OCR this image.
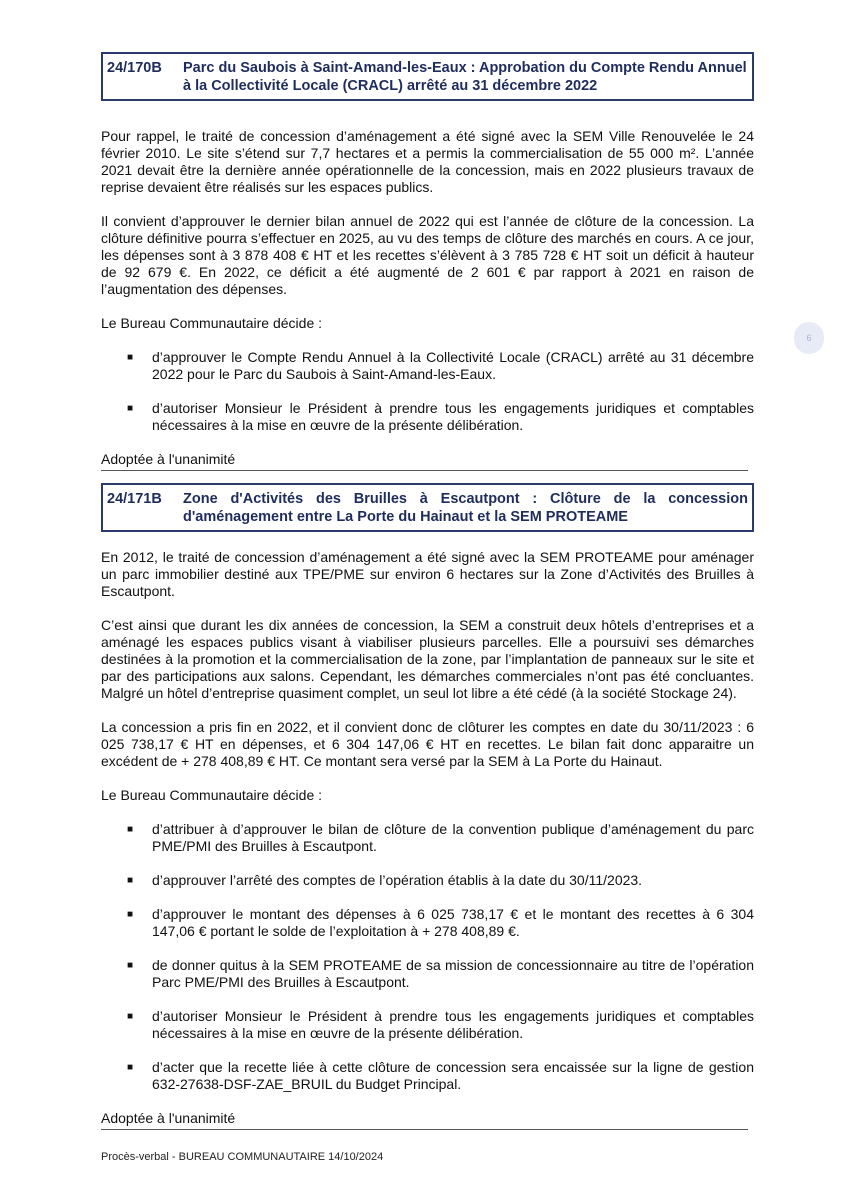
24/170B	Parc du Saubois à Saint-Amand-les-Eaux : Approbation du Compte Rendu Annuel à la Collectivité Locale (CRACL) arrêté au 31 décembre 2022

Pour rappel, le traité de concession d’aménagement a été signé avec la SEM Ville Renouvelée le 24 février 2010. Le site s’étend sur 7,7 hectares et a permis la commercialisation de 55 000 m². L’année 2021 devait être la dernière année opérationnelle de la concession, mais en 2022 plusieurs travaux de reprise devaient être réalisés sur les espaces publics.

Il convient d’approuver le dernier bilan annuel de 2022 qui est l’année de clôture de la concession. La clôture définitive pourra s’effectuer en 2025, au vu des temps de clôture des marchés en cours. A ce jour, les dépenses sont à 3 878 408 € HT et les recettes s’élèvent à 3 785 728 € HT soit un déficit à hauteur de 92 679 €. En 2022, ce déficit a été augmenté de 2 601 € par rapport à 2021 en raison de l’augmentation des dépenses.

Le Bureau Communautaire décide :

■ d’approuver le Compte Rendu Annuel à la Collectivité Locale (CRACL) arrêté au 31 décembre 2022 pour le Parc du Saubois à Saint-Amand-les-Eaux.
■ d’autoriser Monsieur le Président à prendre tous les engagements juridiques et comptables nécessaires à la mise en œuvre de la présente délibération.

Adoptée à l'unanimité

24/171B	Zone d'Activités des Bruilles à Escautpont : Clôture de la concession d'aménagement entre La Porte du Hainaut et la SEM PROTEAME

En 2012, le traité de concession d’aménagement a été signé avec la SEM PROTEAME pour aménager un parc immobilier destiné aux TPE/PME sur environ 6 hectares sur la Zone d’Activités des Bruilles à Escautpont.

C’est ainsi que durant les dix années de concession, la SEM a construit deux hôtels d’entreprises et a aménagé les espaces publics visant à viabiliser plusieurs parcelles. Elle a poursuivi ses démarches destinées à la promotion et la commercialisation de la zone, par l’implantation de panneaux sur le site et par des participations aux salons. Cependant, les démarches commerciales n’ont pas été concluantes. Malgré un hôtel d’entreprise quasiment complet, un seul lot libre a été cédé (à la société Stockage 24).

La concession a pris fin en 2022, et il convient donc de clôturer les comptes en date du 30/11/2023 : 6 025 738,17 € HT en dépenses, et 6 304 147,06 € HT en recettes. Le bilan fait donc apparaitre un excédent de + 278 408,89 € HT. Ce montant sera versé par la SEM à La Porte du Hainaut.

Le Bureau Communautaire décide :

■ d’attribuer à d’approuver le bilan de clôture de la convention publique d’aménagement du parc PME/PMI des Bruilles à Escautpont.
■ d’approuver l’arrêté des comptes de l’opération établis à la date du 30/11/2023.
■ d’approuver le montant des dépenses à 6 025 738,17 € et le montant des recettes à 6 304 147,06 € portant le solde de l’exploitation à + 278 408,89 €.
■ de donner quitus à la SEM PROTEAME de sa mission de concessionnaire au titre de l’opération Parc PME/PMI des Bruilles à Escautpont.
■ d’autoriser Monsieur le Président à prendre tous les engagements juridiques et comptables nécessaires à la mise en œuvre de la présente délibération.
■ d’acter que la recette liée à cette clôture de concession sera encaissée sur la ligne de gestion 632-27638-DSF-ZAE_BRUIL du Budget Principal.

Adoptée à l'unanimité

6
Procès-verbal - BUREAU COMMUNAUTAIRE 14/10/2024
